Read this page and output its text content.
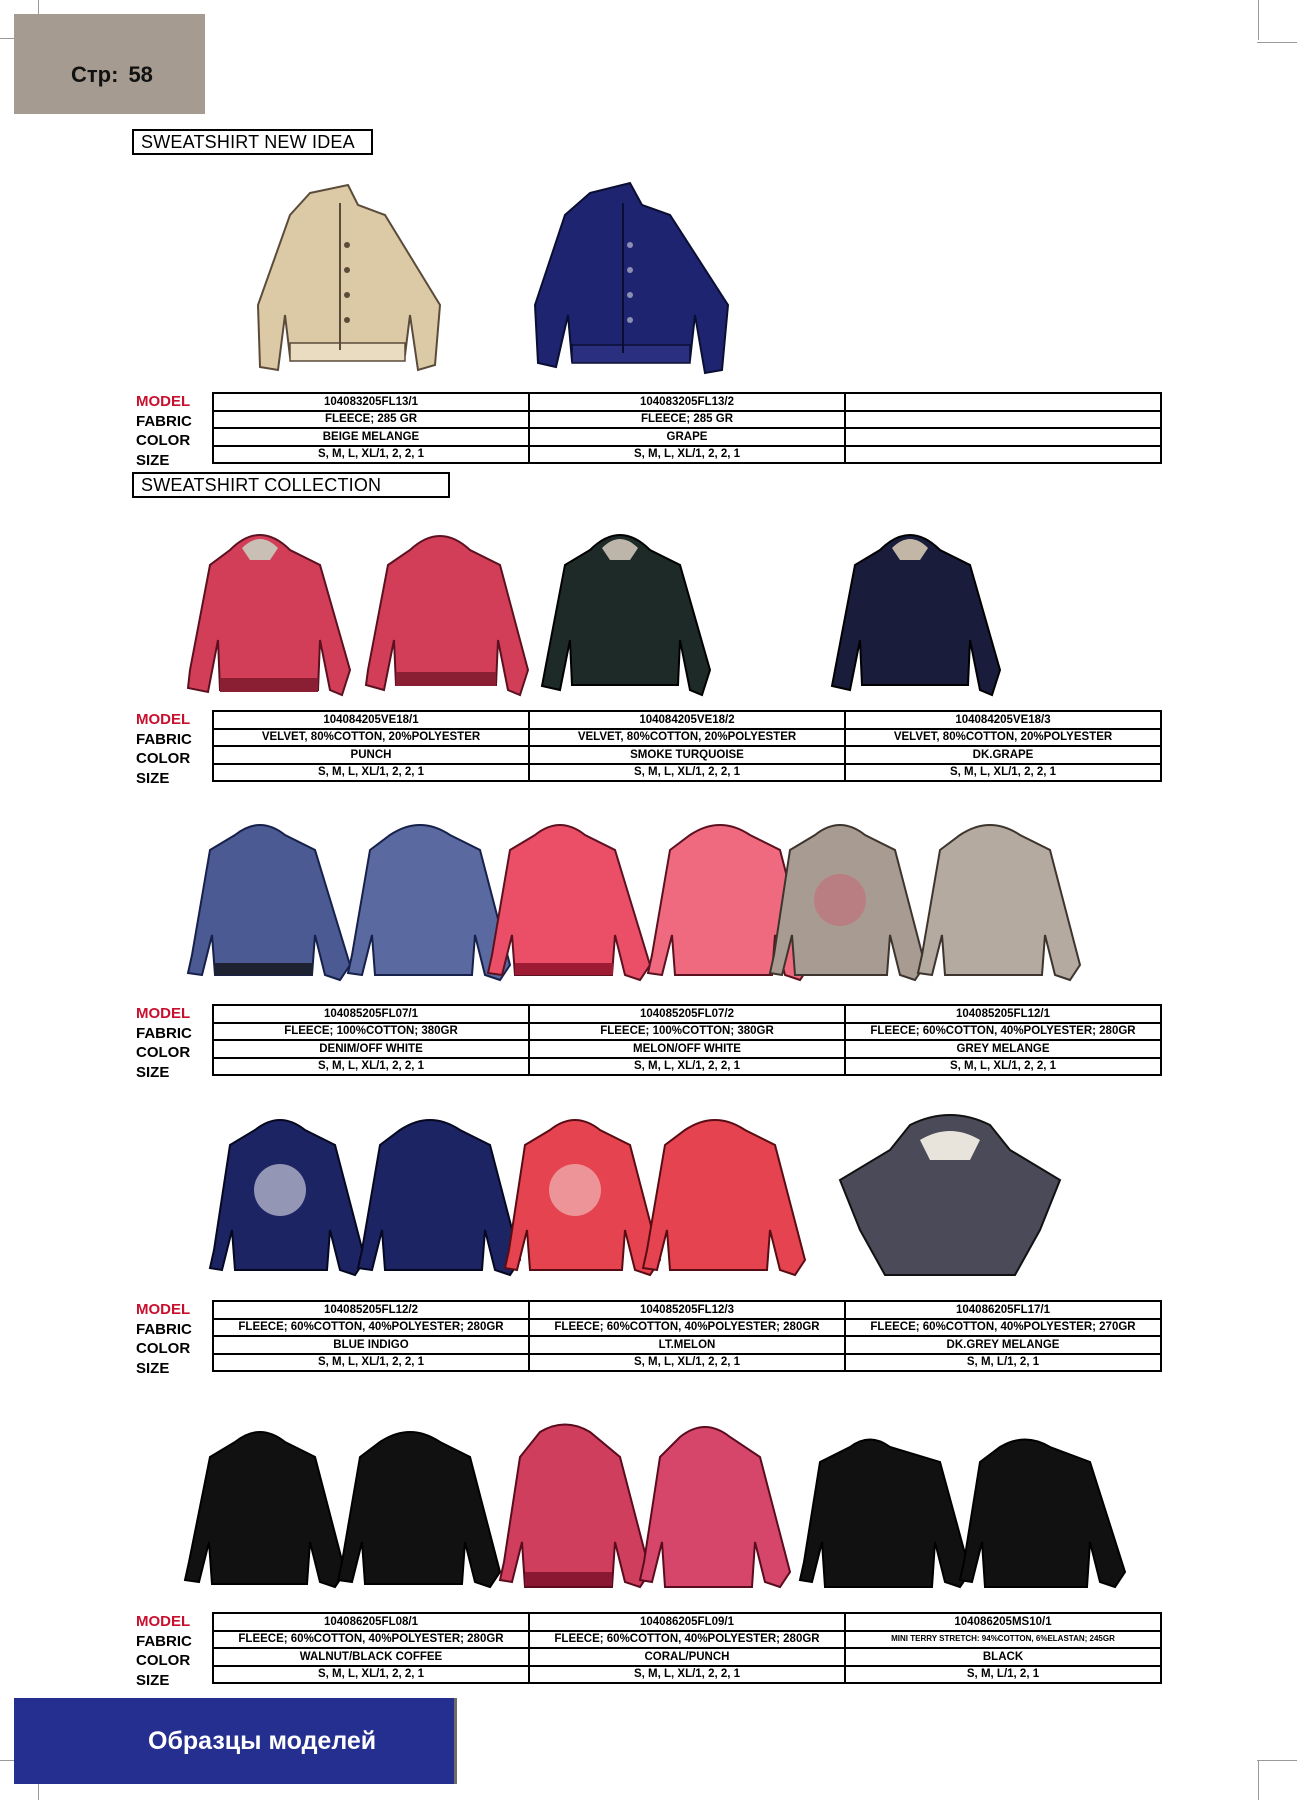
Стр: 58
SWEATSHIRT NEW IDEA
MODEL
FABRIC
COLOR
SIZE
104083205FL13/1	104083205FL13/2	
FLEECE; 285 GR	FLEECE; 285 GR	
BEIGE MELANGE	GRAPE	
S, M, L, XL/1, 2, 2, 1	S, M, L, XL/1, 2, 2, 1	
SWEATSHIRT COLLECTION
MODEL
FABRIC
COLOR
SIZE
104084205VE18/1	104084205VE18/2	104084205VE18/3
VELVET, 80%COTTON, 20%POLYESTER	VELVET, 80%COTTON, 20%POLYESTER	VELVET, 80%COTTON, 20%POLYESTER
PUNCH	SMOKE TURQUOISE	DK.GRAPE
S, M, L, XL/1, 2, 2, 1	S, M, L, XL/1, 2, 2, 1	S, M, L, XL/1, 2, 2, 1
MODEL
FABRIC
COLOR
SIZE
104085205FL07/1	104085205FL07/2	104085205FL12/1
FLEECE; 100%COTTON; 380GR	FLEECE; 100%COTTON; 380GR	FLEECE; 60%COTTON, 40%POLYESTER; 280GR
DENIM/OFF WHITE	MELON/OFF WHITE	GREY MELANGE
S, M, L, XL/1, 2, 2, 1	S, M, L, XL/1, 2, 2, 1	S, M, L, XL/1, 2, 2, 1
MODEL
FABRIC
COLOR
SIZE
104085205FL12/2	104085205FL12/3	104086205FL17/1
FLEECE; 60%COTTON, 40%POLYESTER; 280GR	FLEECE; 60%COTTON, 40%POLYESTER; 280GR	FLEECE; 60%COTTON, 40%POLYESTER; 270GR
BLUE INDIGO	LT.MELON	DK.GREY MELANGE
S, M, L, XL/1, 2, 2, 1	S, M, L, XL/1, 2, 2, 1	S, M, L/1, 2, 1
MODEL
FABRIC
COLOR
SIZE
104086205FL08/1	104086205FL09/1	104086205MS10/1
FLEECE; 60%COTTON, 40%POLYESTER; 280GR	FLEECE; 60%COTTON, 40%POLYESTER; 280GR	MINI TERRY STRETCH: 94%COTTON, 6%ELASTAN; 245GR
WALNUT/BLACK COFFEE	CORAL/PUNCH	BLACK
S, M, L, XL/1, 2, 2, 1	S, M, L, XL/1, 2, 2, 1	S, M, L/1, 2, 1
Образцы моделей
